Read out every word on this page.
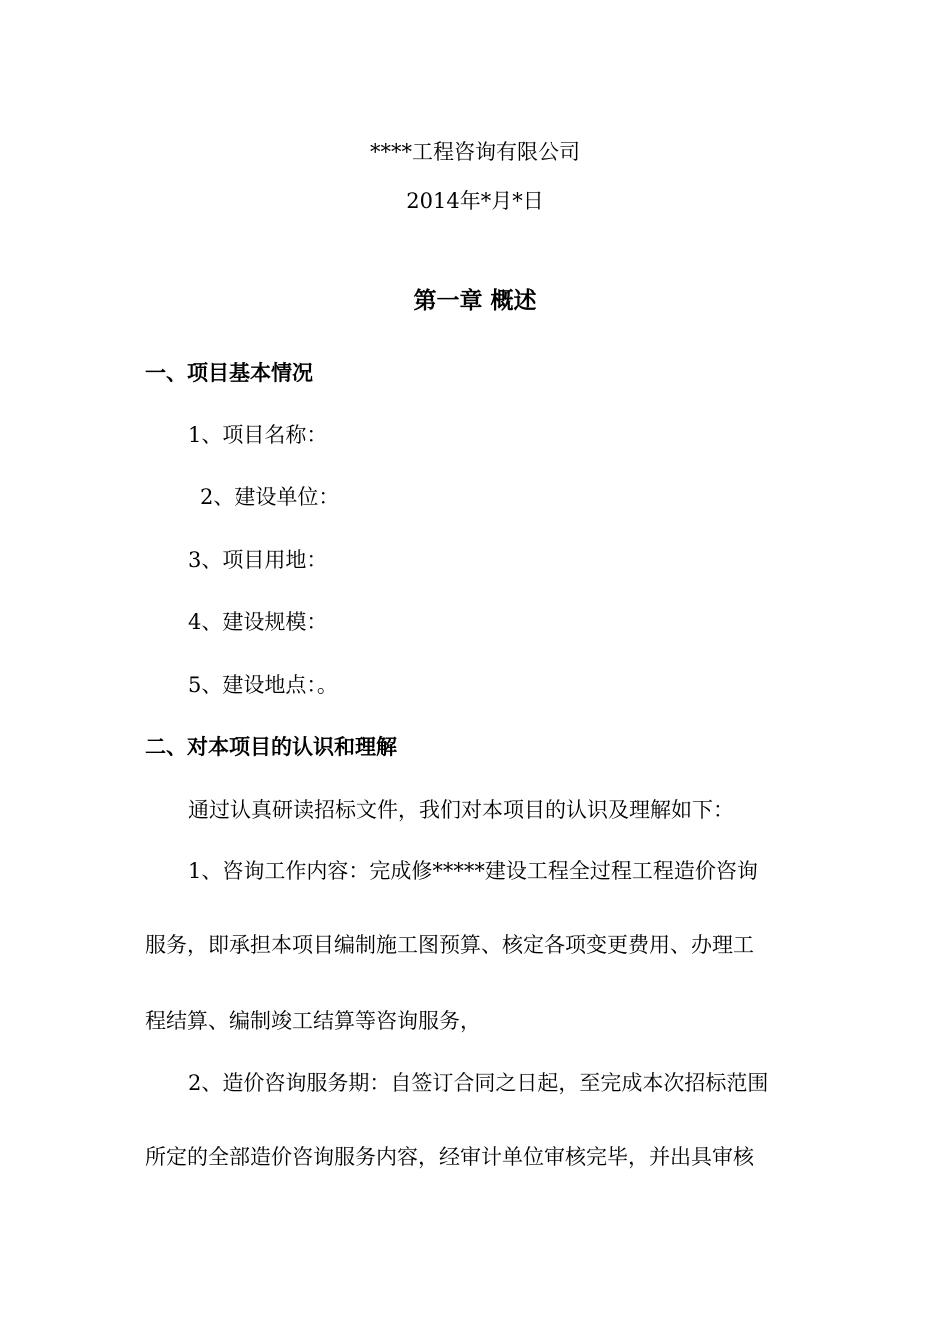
****工程咨询有限公司
2014年*月*日
第一章 概述
一、项目基本情况
1、项目名称：
2、建设单位：
3、项目用地：
4、建设规模：
5、建设地点：。
二、对本项目的认识和理解
通过认真研读招标文件，我们对本项目的认识及理解如下：
1、咨询工作内容：完成修*****建设工程全过程工程造价咨询
服务，即承担本项目编制施工图预算、核定各项变更费用、办理工
程结算、编制竣工结算等咨询服务，
2、造价咨询服务期：自签订合同之日起，至完成本次招标范围
所定的全部造价咨询服务内容，经审计单位审核完毕，并出具审核
